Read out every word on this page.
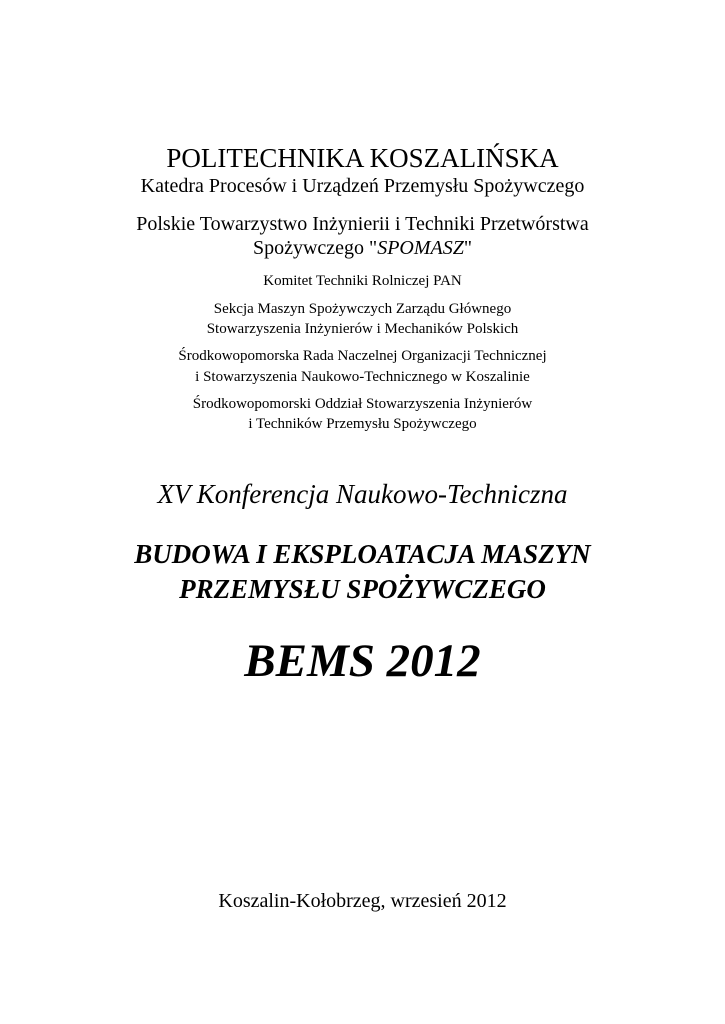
POLITECHNIKA KOSZALIŃSKA
Katedra Procesów i Urządzeń Przemysłu Spożywczego
Polskie Towarzystwo Inżynierii i Techniki Przetwórstwa
Spożywczego "SPOMASZ"
Komitet Techniki Rolniczej PAN
Sekcja Maszyn Spożywczych Zarządu Głównego
Stowarzyszenia Inżynierów i Mechaników Polskich
Środkowopomorska Rada Naczelnej Organizacji Technicznej
i Stowarzyszenia Naukowo-Technicznego w Koszalinie
Środkowopomorski Oddział Stowarzyszenia Inżynierów
i Techników Przemysłu Spożywczego
XV Konferencja Naukowo-Techniczna
BUDOWA I EKSPLOATACJA MASZYN
PRZEMYSŁU SPOŻYWCZEGO
BEMS 2012
Koszalin-Kołobrzeg, wrzesień 2012
